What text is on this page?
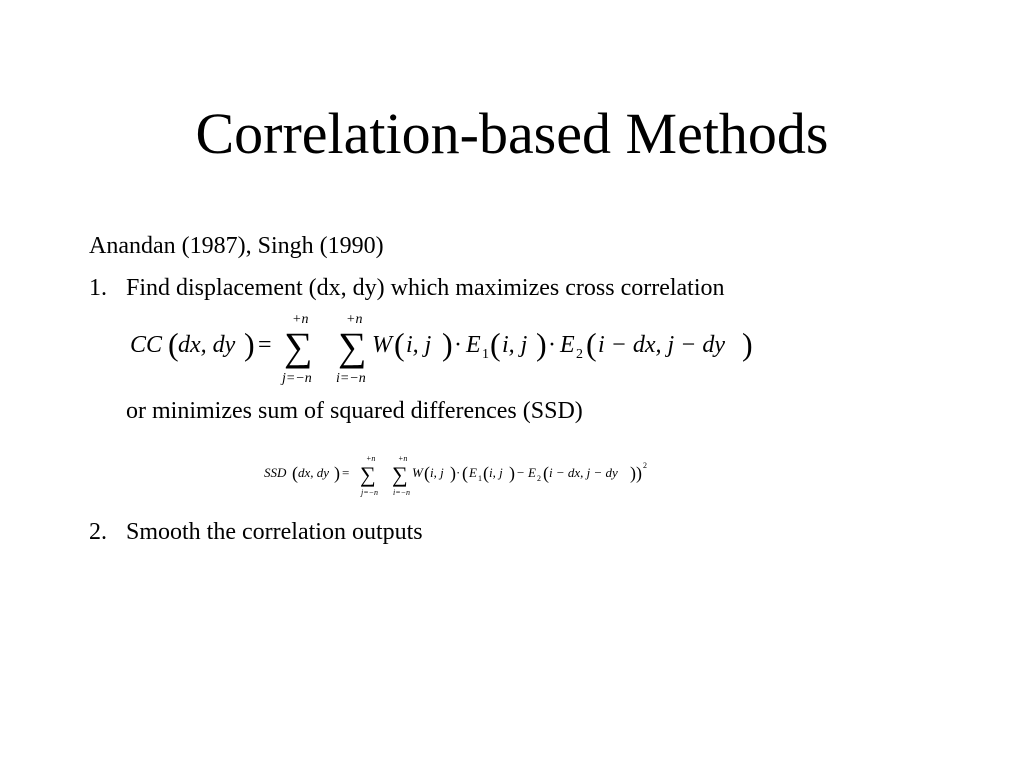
Correlation-based Methods
Anandan (1987), Singh (1990)
1. Find displacement (dx, dy) which maximizes cross correlation
CC ( dx, dy ) =
+n
∑
j=−n
+n
∑
i=−n
W ( i, j ) · E 1 ( i, j ) · E 2 ( i − dx, j − dy )
or minimizes sum of squared differences (SSD)
SSD ( dx, dy ) =
+n
∑
j=−n
+n
∑
i=−n
W ( i, j ) · ( E 1 ( i, j ) − E 2 ( i − dx, j − dy ) ) 2
2. Smooth the correlation outputs
